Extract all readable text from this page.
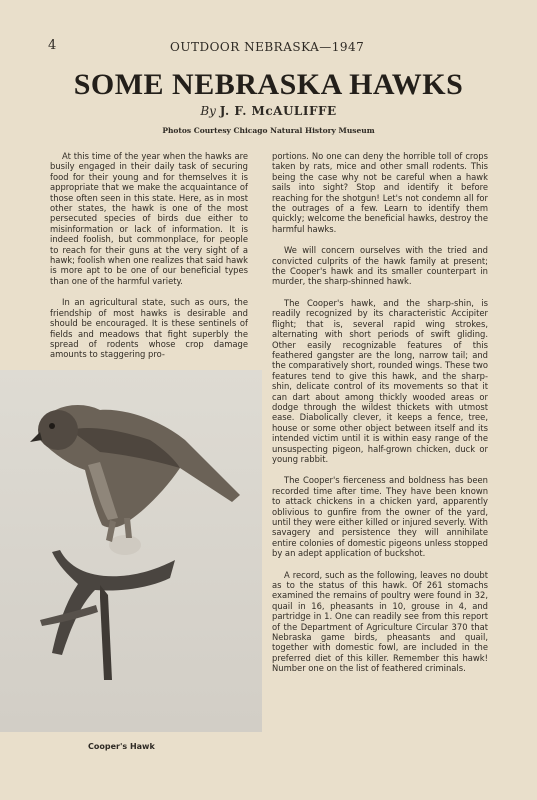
4	OUTDOOR NEBRASKA—1947
SOME NEBRASKA HAWKS
By J. F. McAULIFFE
Photos Courtesy Chicago Natural History Museum

At this time of the year when the hawks are busily engaged in their daily task of securing food for their young and for themselves it is appropriate that we make the acquaintance of those often seen in this state. Here, as in most other states, the hawk is one of the most persecuted species of birds due either to misinformation or lack of information. It is indeed foolish, but commonplace, for people to reach for their guns at the very sight of a hawk; foolish when one realizes that said hawk is more apt to be one of our beneficial types than one of the harmful variety.

In an agricultural state, such as ours, the friendship of most hawks is desirable and should be encouraged. It is these sentinels of fields and meadows that fight superbly the spread of rodents whose crop damage amounts to staggering pro-

Cooper's Hawk

portions. No one can deny the horrible toll of crops taken by rats, mice and other small rodents. This being the case why not be careful when a hawk sails into sight? Stop and identify it before reaching for the shotgun! Let's not condemn all for the outrages of a few. Learn to identify them quickly; welcome the beneficial hawks, destroy the harmful hawks.

We will concern ourselves with the tried and convicted culprits of the hawk family at present; the Cooper's hawk and its smaller counterpart in murder, the sharp-shinned hawk.

The Cooper's hawk, and the sharp-shin, is readily recognized by its characteristic Accipiter flight; that is, several rapid wing strokes, alternating with short periods of swift gliding. Other easily recognizable features of this feathered gangster are the long, narrow tail; and the comparatively short, rounded wings. These two features tend to give this hawk, and the sharp-shin, delicate control of its movements so that it can dart about among thickly wooded areas or dodge through the wildest thickets with utmost ease. Diabolically clever, it keeps a fence, tree, house or some other object between itself and its intended victim until it is within easy range of the unsuspecting pigeon, half-grown chicken, duck or young rabbit.

The Cooper's fierceness and boldness has been recorded time after time. They have been known to attack chickens in a chicken yard, apparently oblivious to gunfire from the owner of the yard, until they were either killed or injured severly. With savagery and persistence they will annihilate entire colonies of domestic pigeons unless stopped by an adept application of buckshot.

A record, such as the following, leaves no doubt as to the status of this hawk. Of 261 stomachs examined the remains of poultry were found in 32, quail in 16, pheasants in 10, grouse in 4, and partridge in 1. One can readily see from this report of the Department of Agriculture Circular 370 that Nebraska game birds, pheasants and quail, together with domestic fowl, are included in the preferred diet of this killer. Remember this hawk! Number one on the list of feathered criminals.
